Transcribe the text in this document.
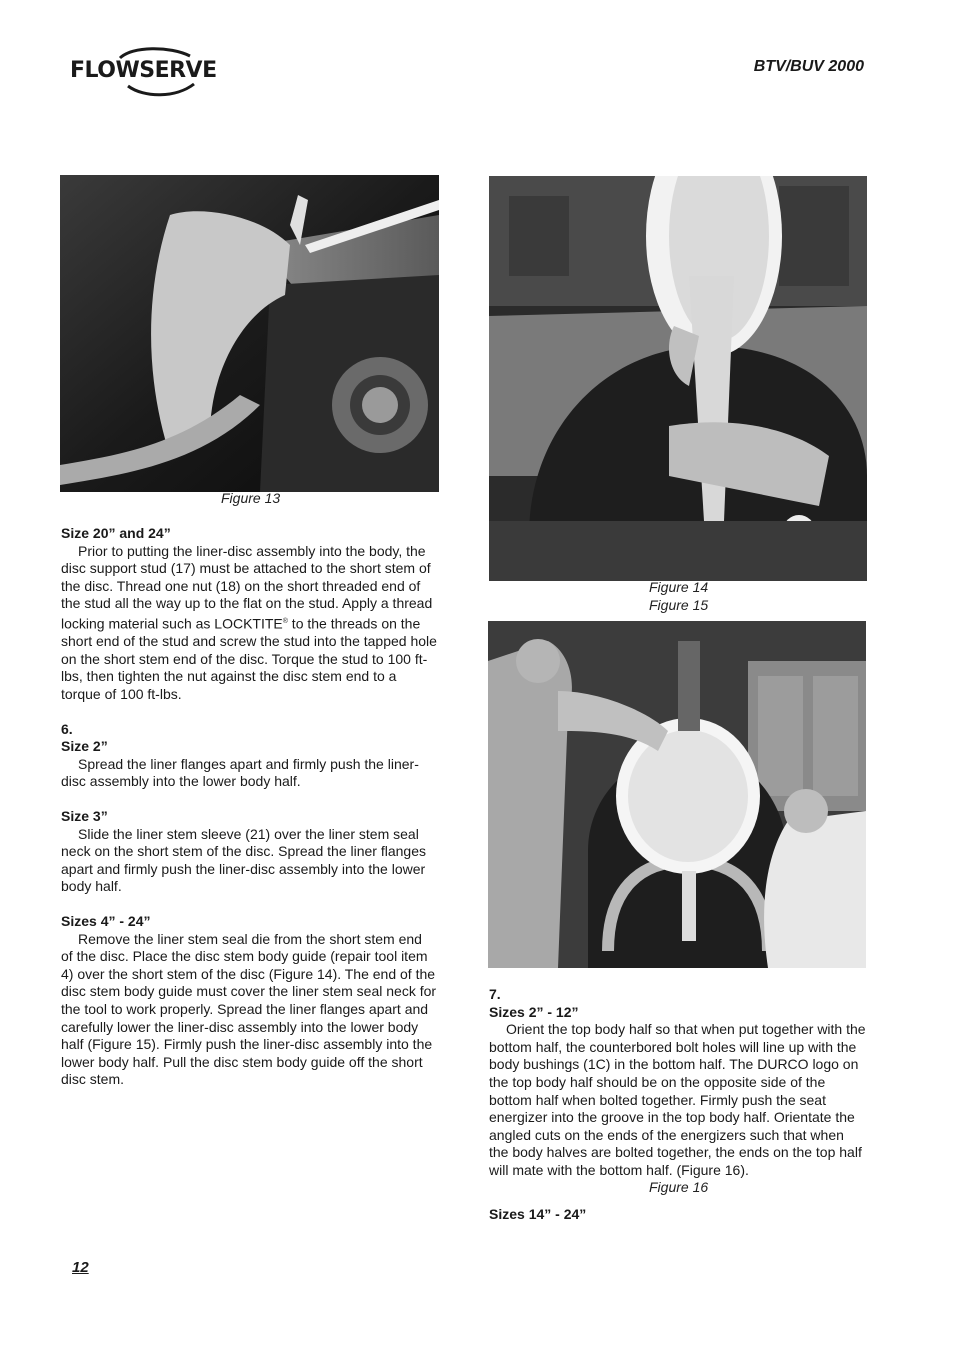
FLOWSERVE	BTV/BUV 2000
Figure 13
Figure 14
Figure 15
Size 20” and 24”
Prior to putting the liner-disc assembly into the body, the disc support stud (17) must be attached to the short stem of the disc. Thread one nut (18) on the short threaded end of the stud all the way up to the flat on the stud. Apply a thread locking material such as LOCKTITE® to the threads on the short end of the stud and screw the stud into the tapped hole on the short stem end of the disc. Torque the stud to 100 ft-lbs, then tighten the nut against the disc stem end to a torque of 100 ft-lbs.
6.
Size 2”
Spread the liner flanges apart and firmly push the liner-disc assembly into the lower body half.
Size 3”
Slide the liner stem sleeve (21) over the liner stem seal neck on the short stem of the disc. Spread the liner flanges apart and firmly push the liner-disc assembly into the lower body half.
Sizes 4” - 24”
Remove the liner stem seal die from the short stem end of the disc. Place the disc stem body guide (repair tool item 4) over the short stem of the disc (Figure 14). The end of the disc stem body guide must cover the liner stem seal neck for the tool to work properly. Spread the liner flanges apart and carefully lower the liner-disc assembly into the lower body half (Figure 15). Firmly push the liner-disc assembly into the lower body half. Pull the disc stem body guide off the short disc stem.
7.
Sizes 2” - 12”
Orient the top body half so that when put together with the bottom half, the counterbored bolt holes will line up with the body bushings (1C) in the bottom half. The DURCO logo on the top body half should be on the opposite side of the bottom half when bolted together. Firmly push the seat energizer into the groove in the top body half. Orientate the angled cuts on the ends of the energizers such that when the body halves are bolted together, the ends on the top half will mate with the bottom half. (Figure 16).
Figure 16
Sizes 14” - 24”
12
